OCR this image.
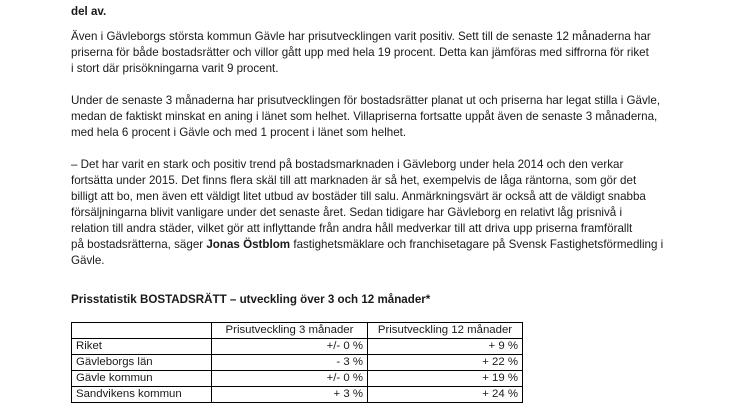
del av.
Även i Gävleborgs största kommun Gävle har prisutvecklingen varit positiv. Sett till de senaste 12 månaderna har
priserna för både bostadsrätter och villor gått upp med hela 19 procent. Detta kan jämföras med siffrorna för riket
i stort där prisökningarna varit 9 procent.
Under de senaste 3 månaderna har prisutvecklingen för bostadsrätter planat ut och priserna har legat stilla i Gävle,
medan de faktiskt minskat en aning i länet som helhet. Villapriserna fortsatte uppåt även de senaste 3 månaderna,
med hela 6 procent i Gävle och med 1 procent i länet som helhet.
– Det har varit en stark och positiv trend på bostadsmarknaden i Gävleborg under hela 2014 och den verkar
fortsätta under 2015. Det finns flera skäl till att marknaden är så het, exempelvis de låga räntorna, som gör det
billigt att bo, men även ett väldigt litet utbud av bostäder till salu. Anmärkningsvärt är också att de väldigt snabba
försäljningarna blivit vanligare under det senaste året. Sedan tidigare har Gävleborg en relativt låg prisnivå i
relation till andra städer, vilket gör att inflyttande från andra håll medverkar till att driva upp priserna framförallt
på bostadsrätterna, säger Jonas Östblom fastighetsmäklare och franchisetagare på Svensk Fastighetsförmedling i
Gävle.
Prisstatistik BOSTADSRÄTT – utveckling över 3 och 12 månader*
	Prisutveckling 3 månader	Prisutveckling 12 månader
Riket	+/- 0 %	+ 9 %
Gävleborgs län	- 3 %	+ 22 %
Gävle kommun	+/- 0 %	+ 19 %
Sandvikens kommun	+ 3 %	+ 24 %
